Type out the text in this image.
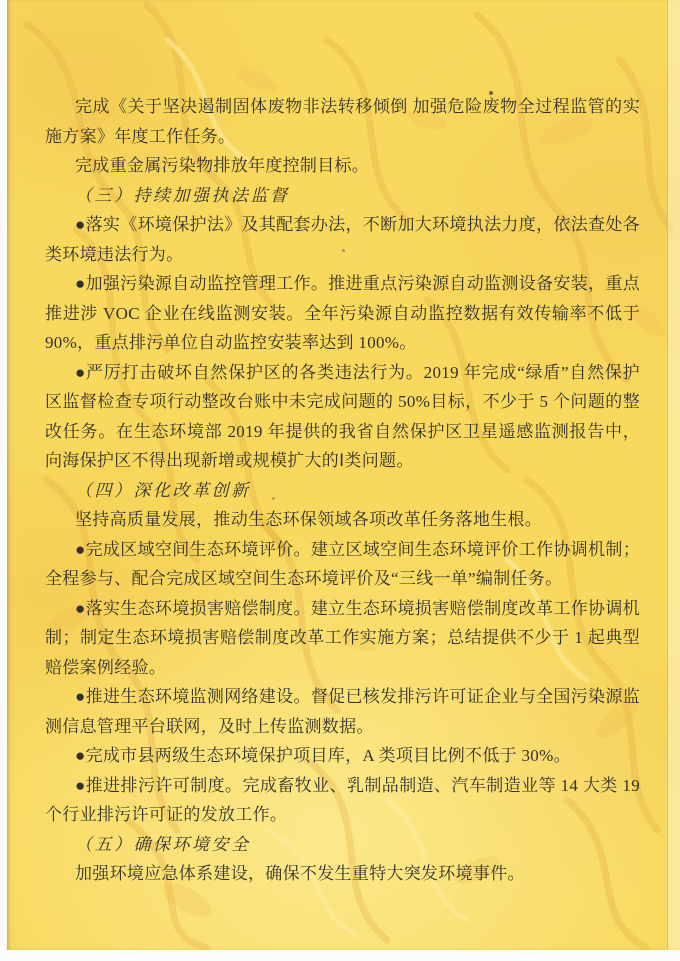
完成《关于坚决遏制固体废物非法转移倾倒 加强危险废物全过程监管的实施方案》年度工作任务。

完成重金属污染物排放年度控制目标。

（三）持续加强执法监督

●落实《环境保护法》及其配套办法，不断加大环境执法力度，依法查处各类环境违法行为。

●加强污染源自动监控管理工作。推进重点污染源自动监测设备安装，重点推进涉 VOC 企业在线监测安装。全年污染源自动监控数据有效传输率不低于 90%，重点排污单位自动监控安装率达到 100%。

●严厉打击破坏自然保护区的各类违法行为。2019 年完成“绿盾”自然保护区监督检查专项行动整改台账中未完成问题的 50%目标，不少于 5 个问题的整改任务。在生态环境部 2019 年提供的我省自然保护区卫星遥感监测报告中，向海保护区不得出现新增或规模扩大的Ⅰ类问题。

（四）深化改革创新

坚持高质量发展，推动生态环保领域各项改革任务落地生根。

●完成区域空间生态环境评价。建立区域空间生态环境评价工作协调机制；全程参与、配合完成区域空间生态环境评价及“三线一单”编制任务。

●落实生态环境损害赔偿制度。建立生态环境损害赔偿制度改革工作协调机制；制定生态环境损害赔偿制度改革工作实施方案；总结提供不少于 1 起典型赔偿案例经验。

●推进生态环境监测网络建设。督促已核发排污许可证企业与全国污染源监测信息管理平台联网，及时上传监测数据。

●完成市县两级生态环境保护项目库，A 类项目比例不低于 30%。

●推进排污许可制度。完成畜牧业、乳制品制造、汽车制造业等 14 大类 19 个行业排污许可证的发放工作。

（五）确保环境安全

加强环境应急体系建设，确保不发生重特大突发环境事件。
